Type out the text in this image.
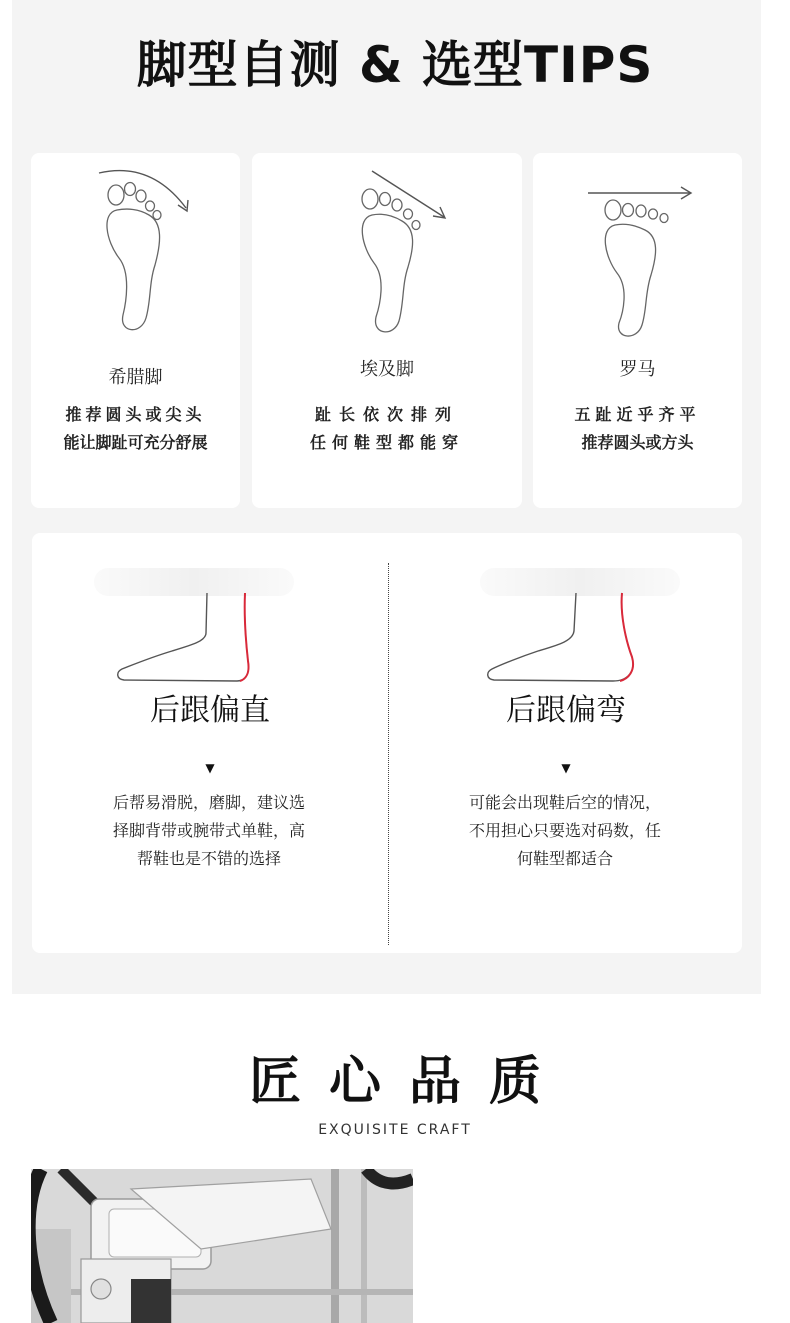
脚型自测 & 选型TIPS
希腊脚
推荐圆头或尖头
能让脚趾可充分舒展
埃及脚
趾长依次排列
任何鞋型都能穿
罗马
五趾近乎齐平
推荐圆头或方头
后跟偏直
▼
后帮易滑脱，磨脚，建议选
择脚背带或腕带式单鞋，高
帮鞋也是不错的选择
后跟偏弯
▼
可能会出现鞋后空的情况，
不用担心只要选对码数，任
何鞋型都适合
匠心品质
EXQUISITE CRAFT
